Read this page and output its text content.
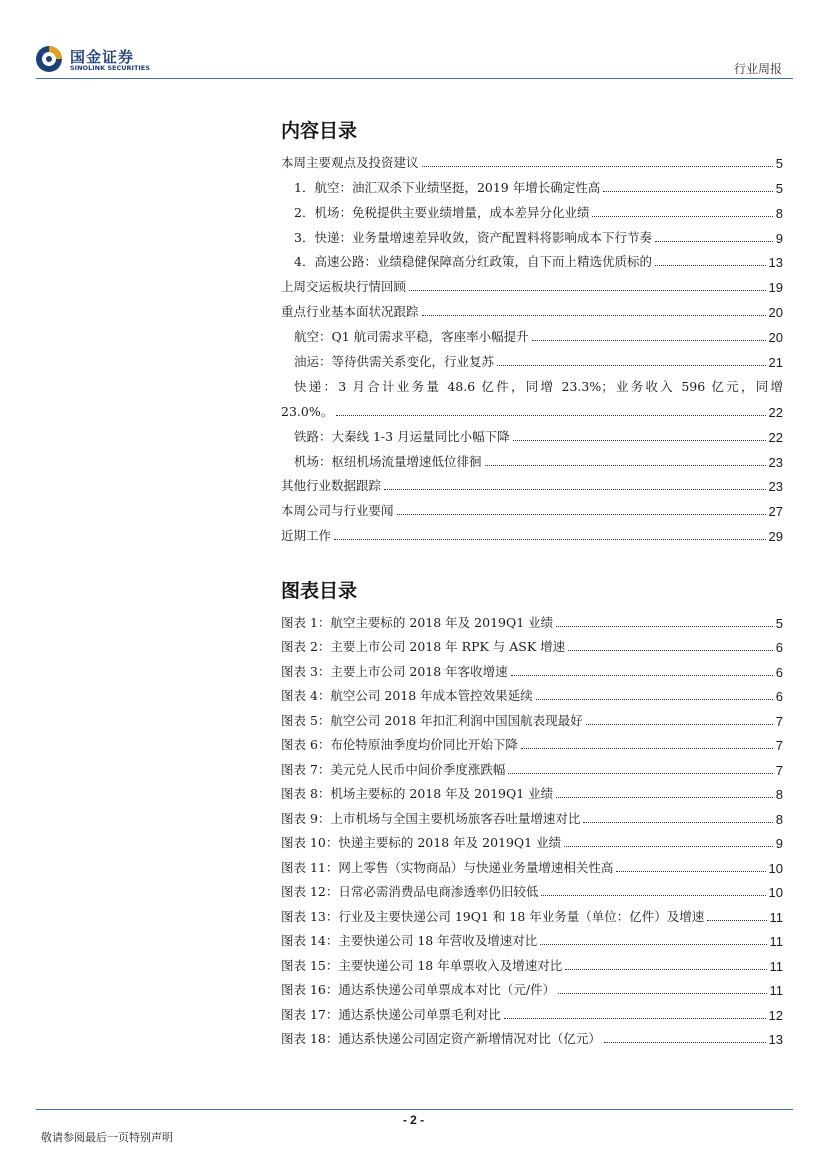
国金证券
SINOLINK SECURITIES	行业周报
内容目录
本周主要观点及投资建议	5
1．航空：油汇双杀下业绩坚挺，2019 年增长确定性高	5
2．机场：免税提供主要业绩增量，成本差异分化业绩	8
3．快递：业务量增速差异收敛，资产配置料将影响成本下行节奏	9
4．高速公路：业绩稳健保障高分红政策，自下而上精选优质标的	13
上周交运板块行情回顾	19
重点行业基本面状况跟踪	20
航空：Q1 航司需求平稳，客座率小幅提升	20
油运：等待供需关系变化，行业复苏	21
快递：3 月合计业务量 48.6 亿件，同增 23.3%；业务收入 596 亿元，同增
23.0%。	22
铁路：大秦线 1-3 月运量同比小幅下降	22
机场：枢纽机场流量增速低位徘徊	23
其他行业数据跟踪	23
本周公司与行业要闻	27
近期工作	29
图表目录
图表 1：航空主要标的 2018 年及 2019Q1 业绩	5
图表 2：主要上市公司 2018 年 RPK 与 ASK 增速	6
图表 3：主要上市公司 2018 年客收增速	6
图表 4：航空公司 2018 年成本管控效果延续	6
图表 5：航空公司 2018 年扣汇利润中国国航表现最好	7
图表 6：布伦特原油季度均价同比开始下降	7
图表 7：美元兑人民币中间价季度涨跌幅	7
图表 8：机场主要标的 2018 年及 2019Q1 业绩	8
图表 9：上市机场与全国主要机场旅客吞吐量增速对比	8
图表 10：快递主要标的 2018 年及 2019Q1 业绩	9
图表 11：网上零售（实物商品）与快递业务量增速相关性高	10
图表 12：日常必需消费品电商渗透率仍旧较低	10
图表 13：行业及主要快递公司 19Q1 和 18 年业务量（单位：亿件）及增速	11
图表 14：主要快递公司 18 年营收及增速对比	11
图表 15：主要快递公司 18 年单票收入及增速对比	11
图表 16：通达系快递公司单票成本对比（元/件）	11
图表 17：通达系快递公司单票毛利对比	12
图表 18：通达系快递公司固定资产新增情况对比（亿元）	13
- 2 -
敬请参阅最后一页特别声明
